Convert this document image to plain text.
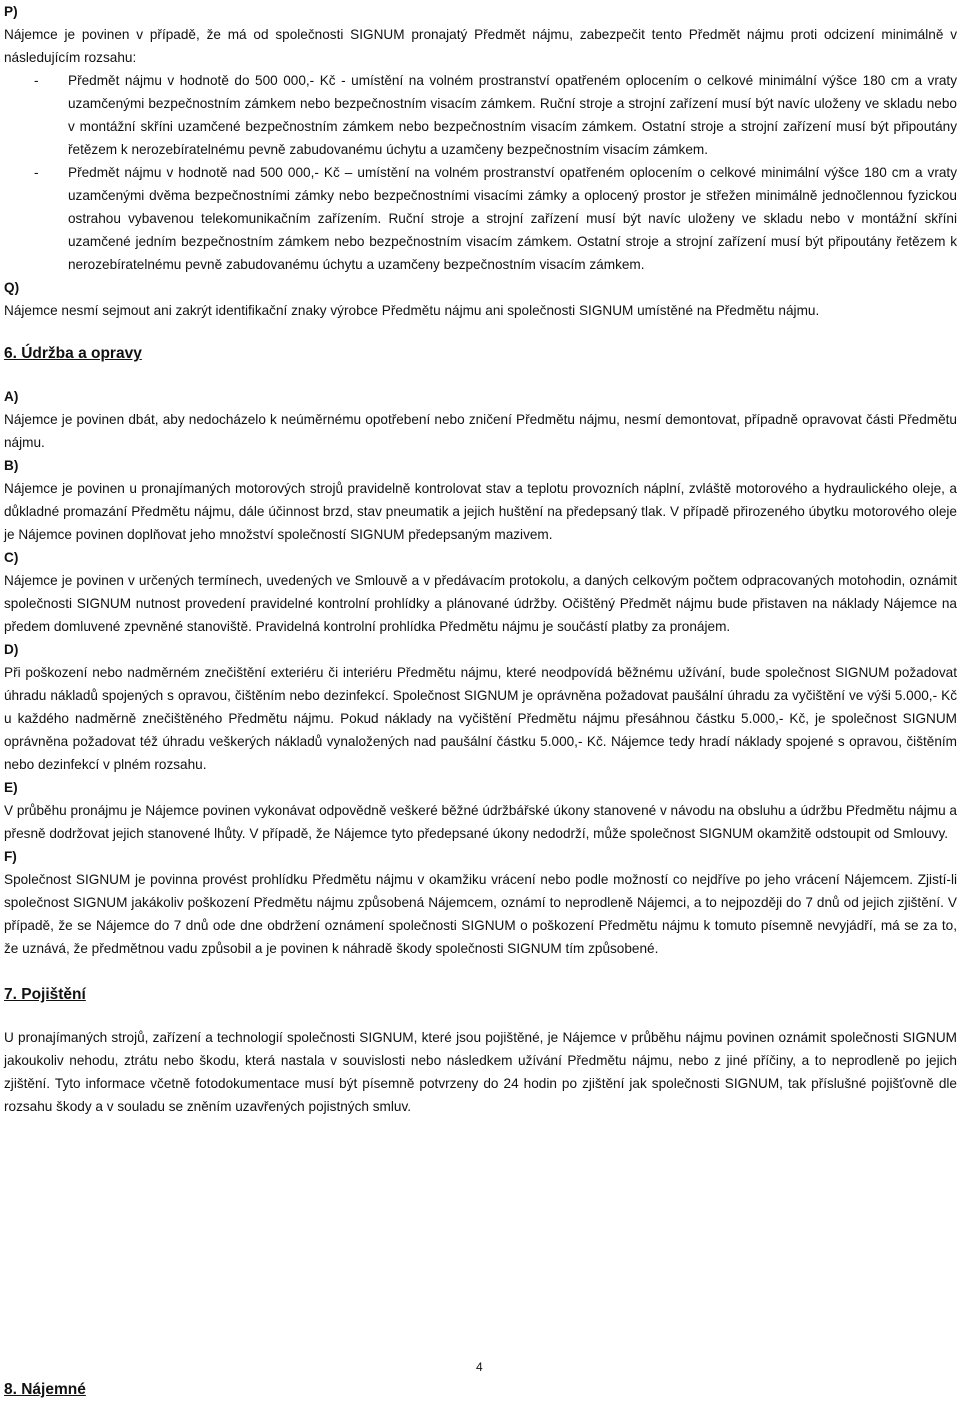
P)

Nájemce je povinen v případě, že má od společnosti SIGNUM pronajatý Předmět nájmu, zabezpečit tento Předmět nájmu proti odcizení minimálně v následujícím rozsahu:

- Předmět nájmu v hodnotě do 500 000,- Kč - umístění na volném prostranství opatřeném oplocením o celkové minimální výšce 180 cm a vraty uzamčenými bezpečnostním zámkem nebo bezpečnostním visacím zámkem. Ruční stroje a strojní zařízení musí být navíc uloženy ve skladu nebo v montážní skříni uzamčené bezpečnostním zámkem nebo bezpečnostním visacím zámkem. Ostatní stroje a strojní zařízení musí být připoutány řetězem k nerozebíratelnému pevně zabudovanému úchytu a uzamčeny bezpečnostním visacím zámkem.
- Předmět nájmu v hodnotě nad 500 000,- Kč – umístění na volném prostranství opatřeném oplocením o celkové minimální výšce 180 cm a vraty uzamčenými dvěma bezpečnostními zámky nebo bezpečnostními visacími zámky a oplocený prostor je střežen minimálně jednočlennou fyzickou ostrahou vybavenou telekomunikačním zařízením. Ruční stroje a strojní zařízení musí být navíc uloženy ve skladu nebo v montážní skříni uzamčené jedním bezpečnostním zámkem nebo bezpečnostním visacím zámkem. Ostatní stroje a strojní zařízení musí být připoutány řetězem k nerozebíratelnému pevně zabudovanému úchytu a uzamčeny bezpečnostním visacím zámkem.

Q)

Nájemce nesmí sejmout ani zakrýt identifikační znaky výrobce Předmětu nájmu ani společnosti SIGNUM umístěné na Předmětu nájmu.

6. Údržba a opravy

A)

Nájemce je povinen dbát, aby nedocházelo k neúměrnému opotřebení nebo zničení Předmětu nájmu, nesmí demontovat, případně opravovat části Předmětu nájmu.

B)

Nájemce je povinen u pronajímaných motorových strojů pravidelně kontrolovat stav a teplotu provozních náplní, zvláště motorového a hydraulického oleje, a důkladné promazání Předmětu nájmu, dále účinnost brzd, stav pneumatik a jejich huštění na předepsaný tlak. V případě přirozeného úbytku motorového oleje je Nájemce povinen doplňovat jeho množství společností SIGNUM předepsaným mazivem.

C)

Nájemce je povinen v určených termínech, uvedených ve Smlouvě a v předávacím protokolu, a daných celkovým počtem odpracovaných motohodin, oznámit společnosti SIGNUM nutnost provedení pravidelné kontrolní prohlídky a plánované údržby. Očištěný Předmět nájmu bude přistaven na náklady Nájemce na předem domluvené zpevněné stanoviště. Pravidelná kontrolní prohlídka Předmětu nájmu je součástí platby za pronájem.

D)

Při poškození nebo nadměrném znečištění exteriéru či interiéru Předmětu nájmu, které neodpovídá běžnému užívání, bude společnost SIGNUM požadovat úhradu nákladů spojených s opravou, čištěním nebo dezinfekcí. Společnost SIGNUM je oprávněna požadovat paušální úhradu za vyčištění ve výši 5.000,- Kč u každého nadměrně znečištěného Předmětu nájmu. Pokud náklady na vyčištění Předmětu nájmu přesáhnou částku 5.000,- Kč, je společnost SIGNUM oprávněna požadovat též úhradu veškerých nákladů vynaložených nad paušální částku 5.000,- Kč. Nájemce tedy hradí náklady spojené s opravou, čištěním nebo dezinfekcí v plném rozsahu.

E)

V průběhu pronájmu je Nájemce povinen vykonávat odpovědně veškeré běžné údržbářské úkony stanovené v návodu na obsluhu a údržbu Předmětu nájmu a přesně dodržovat jejich stanovené lhůty. V případě, že Nájemce tyto předepsané úkony nedodrží, může společnost SIGNUM okamžitě odstoupit od Smlouvy.

F)

Společnost SIGNUM je povinna provést prohlídku Předmětu nájmu v okamžiku vrácení nebo podle možností co nejdříve po jeho vrácení Nájemcem. Zjistí-li společnost SIGNUM jakákoliv poškození Předmětu nájmu způsobená Nájemcem, oznámí to neprodleně Nájemci, a to nejpozději do 7 dnů od jejich zjištění. V případě, že se Nájemce do 7 dnů ode dne obdržení oznámení společnosti SIGNUM o poškození Předmětu nájmu k tomuto písemně nevyjádří, má se za to, že uznává, že předmětnou vadu způsobil a je povinen k náhradě škody společnosti SIGNUM tím způsobené.

7. Pojištění

U pronajímaných strojů, zařízení a technologií společnosti SIGNUM, které jsou pojištěné, je Nájemce v průběhu nájmu povinen oznámit společnosti SIGNUM jakoukoliv nehodu, ztrátu nebo škodu, která nastala v souvislosti nebo následkem užívání Předmětu nájmu, nebo z jiné příčiny, a to neprodleně po jejich zjištění. Tyto informace včetně fotodokumentace musí být písemně potvrzeny do 24 hodin po zjištění jak společnosti SIGNUM, tak příslušné pojišťovně dle rozsahu škody a v souladu se zněním uzavřených pojistných smluv.

4

8. Nájemné
